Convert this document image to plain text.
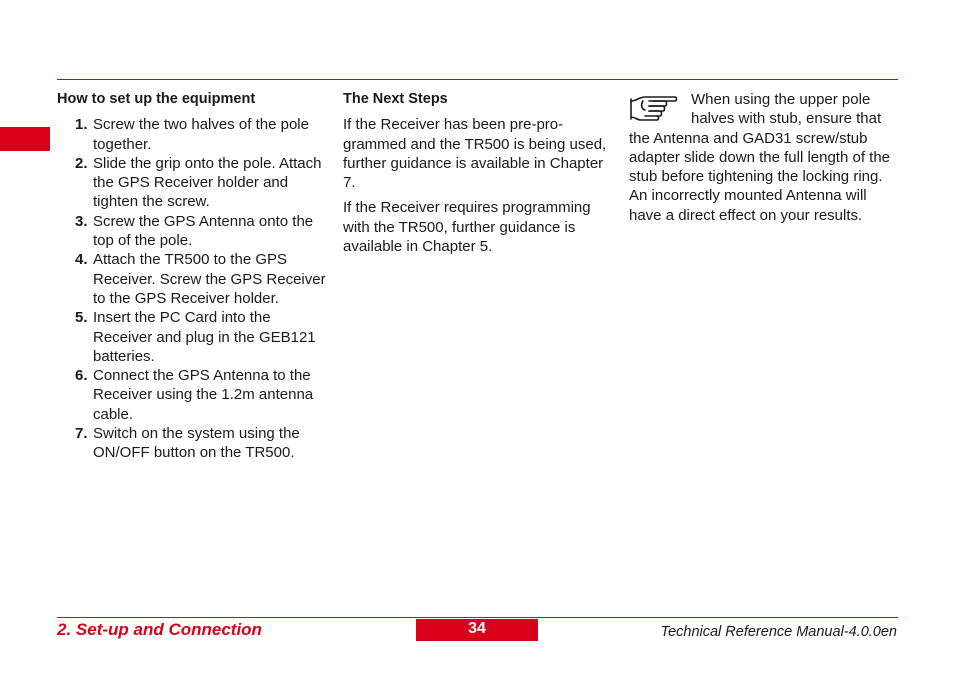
How to set up the equipment
1. Screw the two halves of the pole together.
2. Slide the grip onto the pole. Attach the GPS Receiver holder and tighten the screw.
3. Screw the GPS Antenna onto the top of the pole.
4. Attach the TR500 to the GPS Receiver. Screw the GPS Receiver to the GPS Receiver holder.
5. Insert the PC Card into the Receiver and plug in the GEB121 batteries.
6. Connect the GPS Antenna to the Receiver using the 1.2m antenna cable.
7. Switch on the system using the ON/OFF button on the TR500.
The Next Steps

If the Receiver has been pre-pro-grammed and the TR500 is being used, further guidance is available in Chapter 7.

If the Receiver requires programming with the TR500, further guidance is available in Chapter 5.

When using the upper pole halves with stub, ensure that the Antenna and GAD31 screw/stub adapter slide down the full length of the stub before tightening the locking ring. An incorrectly mounted Antenna will have a direct effect on your results.
2. Set-up and Connection	34	Technical Reference Manual-4.0.0en
